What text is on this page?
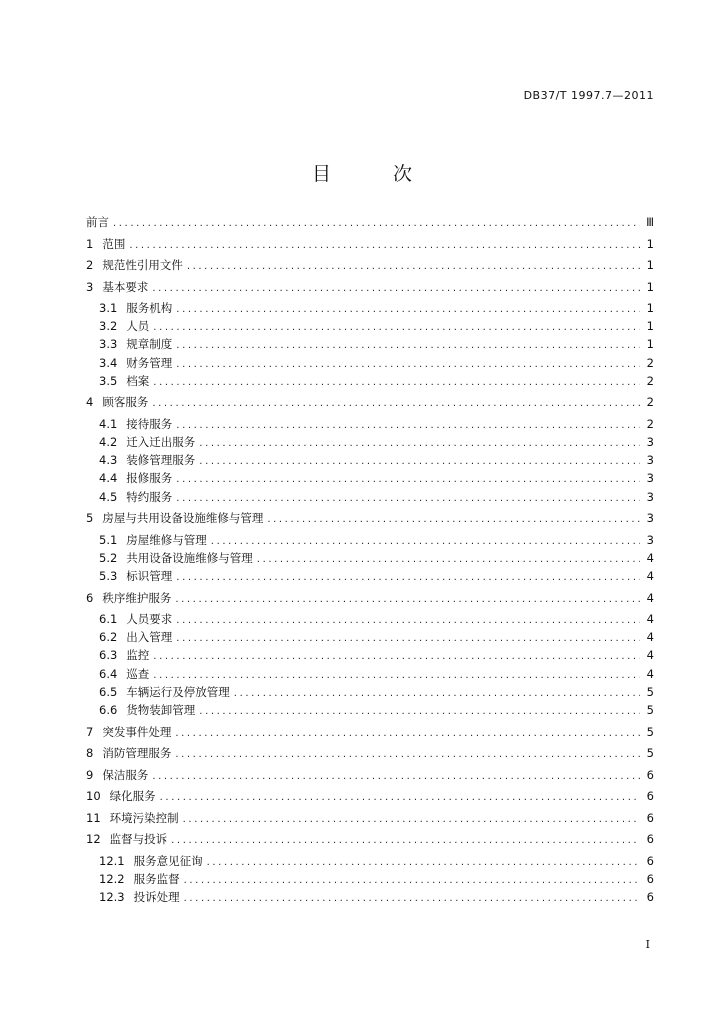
DB37/T 1997.7—2011
目 次
前言 .....	Ⅲ
1 范围 .....	1
2 规范性引用文件 .....	1
3 基本要求 .....	1
3.1 服务机构 .....	1
3.2 人员 .....	1
3.3 规章制度 .....	1
3.4 财务管理 .....	2
3.5 档案 .....	2
4 顾客服务 .....	2
4.1 接待服务 .....	2
4.2 迁入迁出服务 .....	3
4.3 装修管理服务 .....	3
4.4 报修服务 .....	3
4.5 特约服务 .....	3
5 房屋与共用设备设施维修与管理 .....	3
5.1 房屋维修与管理 .....	3
5.2 共用设备设施维修与管理 .....	4
5.3 标识管理 .....	4
6 秩序维护服务 .....	4
6.1 人员要求 .....	4
6.2 出入管理 .....	4
6.3 监控 .....	4
6.4 巡查 .....	4
6.5 车辆运行及停放管理 .....	5
6.6 货物装卸管理 .....	5
7 突发事件处理 .....	5
8 消防管理服务 .....	5
9 保洁服务 .....	6
10 绿化服务 .....	6
11 环境污染控制 .....	6
12 监督与投诉 .....	6
12.1 服务意见征询 .....	6
12.2 服务监督 .....	6
12.3 投诉处理 .....	6
I
